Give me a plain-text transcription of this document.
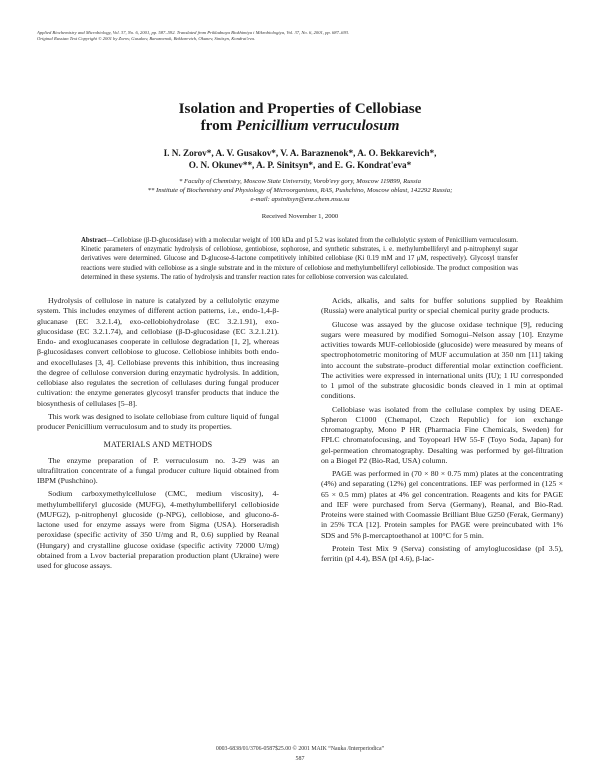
Applied Biochemistry and Microbiology, Vol. 37, No. 6, 2001, pp. 587–592. Translated from Prikladnaya Biokhimiya i Mikrobiologiya, Vol. 37, No. 6, 2001, pp. 687–693.
Original Russian Text Copyright © 2001 by Zorov, Gusakov, Baraznenok, Bekkarevich, Okunev, Sinitsyn, Kondrat'eva.
Isolation and Properties of Cellobiase
from Penicillium verruculosum
I. N. Zorov*, A. V. Gusakov*, V. A. Baraznenok*, A. O. Bekkarevich*,
O. N. Okunev**, A. P. Sinitsyn*, and E. G. Kondrat'eva*
* Faculty of Chemistry, Moscow State University, Vorob'evy gory, Moscow 119899, Russia
** Institute of Biochemistry and Physiology of Microorganisms, RAS, Pushchino, Moscow oblast, 142292 Russia;
e-mail: apsinitsyn@enz.chem.msu.su
Received November 1, 2000
Abstract—Cellobiase (β-D-glucosidase) with a molecular weight of 100 kDa and pI 5.2 was isolated from the cellulolytic system of Penicillium verruculosum. Kinetic parameters of enzymatic hydrolysis of cellobiose, gentiobiose, sophorose, and synthetic substrates, i. e. methylumbelliferyl and p-nitrophenyl sugar derivatives were determined. Glucose and D-glucose-δ-lactone competitively inhibited cellobiase (Ki 0.19 mM and 17 μM, respectively). Glycosyl transfer reactions were studied with cellobiose as a single substrate and in the mixture of cellobiose and methylumbelliferyl cellobioside. The product composition was determined in these systems. The ratio of hydrolysis and transfer reaction rates for cellobiose conversion was calculated.

Hydrolysis of cellulose in nature is catalyzed by a cellulolytic enzyme system. This includes enzymes of different action patterns, i.e., endo-1,4-β-glucanase (EC 3.2.1.4), exo-cellobiohydrolase (EC 3.2.1.91), exo-glucosidase (EC 3.2.1.74), and cellobiase (β-D-glucosidase (EC 3.2.1.21). Endo- and exoglucanases cooperate in cellulose degradation [1, 2], whereas β-glucosidases convert cellobiose to glucose. Cellobiose inhibits both endo- and exocellulases [3, 4]. Cellobiase prevents this inhibition, thus increasing the degree of cellulose conversion during enzymatic hydrolysis. In addition, cellobiase also regulates the secretion of cellulases during fungal producer cultivation: the enzyme generates glycosyl transfer products that induce the biosynthesis of cellulases [5–8].

This work was designed to isolate cellobiase from culture liquid of fungal producer Penicillium verruculosum and to study its properties.

MATERIALS AND METHODS

The enzyme preparation of P. verruculosum no. 3-29 was an ultrafiltration concentrate of a fungal producer culture liquid obtained from IBPM (Pushchino).

Sodium carboxymethylcellulose (CMC, medium viscosity), 4-methylumbelliferyl glucoside (MUFG), 4-methylumbelliferyl cellobioside (MUFG2), p-nitrophenyl glucoside (p-NPG), cellobiose, and glucono-δ-lactone used for enzyme assays were from Sigma (USA). Horseradish peroxidase (specific activity of 350 U/mg and R, 0.6) supplied by Reanal (Hungary) and crystalline glucose oxidase (specific activity 72000 U/mg) obtained from a Lvov bacterial preparation production plant (Ukraine) were used for glucose assays.

Acids, alkalis, and salts for buffer solutions supplied by Reakhim (Russia) were analytical purity or special chemical purity grade products.

Glucose was assayed by the glucose oxidase technique [9], reducing sugars were measured by modified Somogui–Nelson assay [10]. Enzyme activities towards MUF-cellobioside (glucoside) were measured by means of spectrophotometric monitoring of MUF accumulation at 350 nm [11] taking into account the substrate–product differential molar extinction coefficient. The activities were expressed in international units (IU); 1 IU corresponded to 1 μmol of the substrate glucosidic bonds cleaved in 1 min at optimal conditions.

Cellobiase was isolated from the cellulase complex by using DEAE-Spheron C1000 (Chemapol, Czech Republic) for ion exchange chromatography, Mono P HR (Pharmacia Fine Chemicals, Sweden) for FPLC chromatofocusing, and Toyopearl HW 55-F (Toyo Soda, Japan) for gel-permeation chromatography. Desalting was performed by gel-filtration on a Biogel P2 (Bio-Rad, USA) column.

PAGE was performed in (70 × 80 × 0.75 mm) plates at the concentrating (4%) and separating (12%) gel concentrations. IEF was performed in (125 × 65 × 0.5 mm) plates at 4% gel concentration. Reagents and kits for PAGE and IEF were purchased from Serva (Germany), Reanal, and Bio-Rad. Proteins were stained with Coomassie Brilliant Blue G250 (Ferak, Germany) in 25% TCA [12]. Protein samples for PAGE were preincubated with 1% SDS and 5% β-mercaptoethanol at 100°C for 5 min.

Protein Test Mix 9 (Serva) consisting of amyloglucosidase (pI 3.5), ferritin (pI 4.4), BSA (pI 4.6), β-lac-

0003-6838/01/3706-0587$25.00 © 2001 MAIK “Nauka /Interperiodica”
587
